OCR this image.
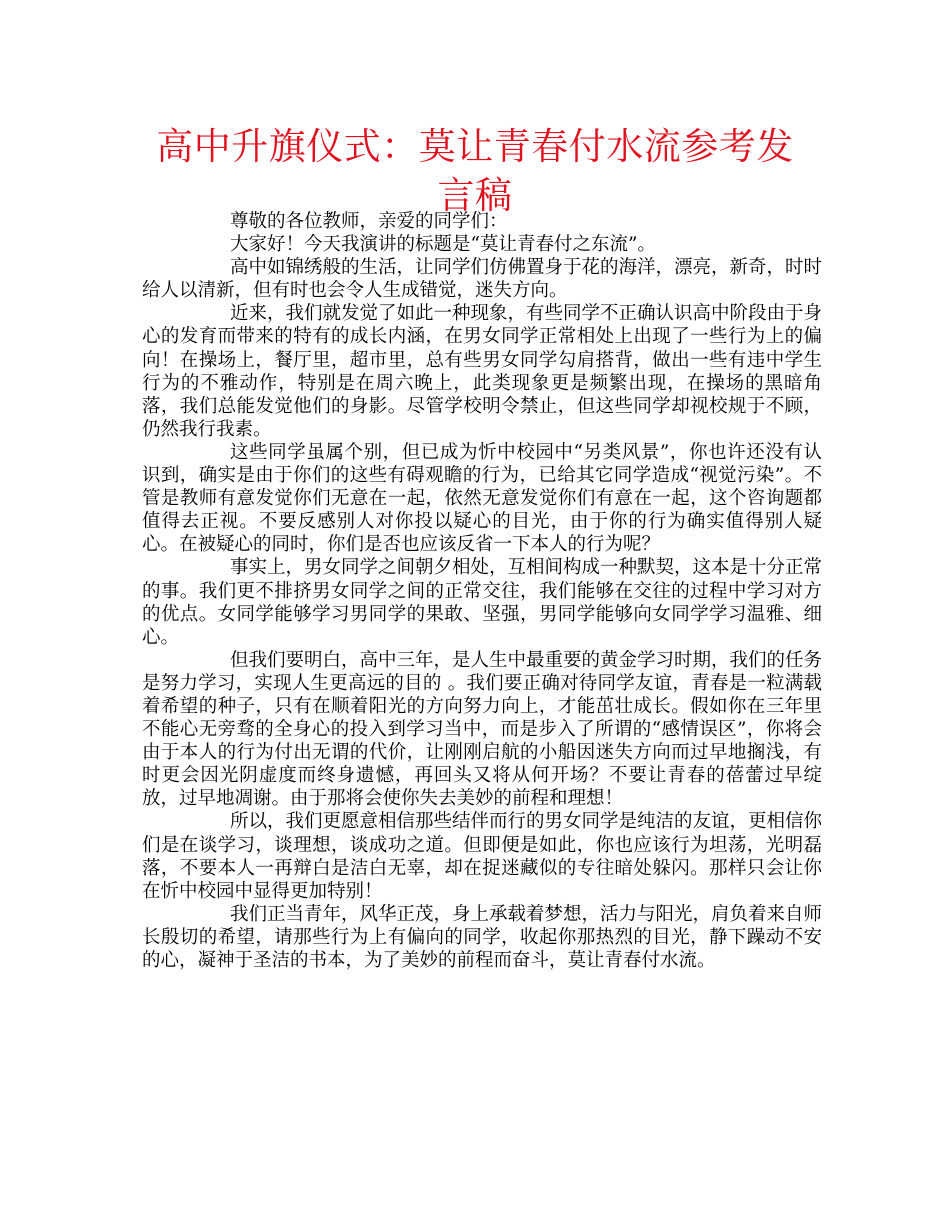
高中升旗仪式：莫让青春付水流参考发言稿

尊敬的各位教师，亲爱的同学们：

大家好！今天我演讲的标题是“莫让青春付之东流”。

高中如锦绣般的生活，让同学们仿佛置身于花的海洋，漂亮，新奇，时时给人以清新，但有时也会令人生成错觉，迷失方向。

近来，我们就发觉了如此一种现象，有些同学不正确认识高中阶段由于身心的发育而带来的特有的成长内涵，在男女同学正常相处上出现了一些行为上的偏向！在操场上，餐厅里，超市里，总有些男女同学勾肩搭背，做出一些有违中学生行为的不雅动作，特别是在周六晚上，此类现象更是频繁出现，在操场的黑暗角落，我们总能发觉他们的身影。尽管学校明令禁止，但这些同学却视校规于不顾，仍然我行我素。

这些同学虽属个别，但已成为忻中校园中“另类风景”，你也许还没有认识到，确实是由于你们的这些有碍观瞻的行为，已给其它同学造成“视觉污染”。不管是教师有意发觉你们无意在一起，依然无意发觉你们有意在一起，这个咨询题都值得去正视。不要反感别人对你投以疑心的目光，由于你的行为确实值得别人疑心。在被疑心的同时，你们是否也应该反省一下本人的行为呢？

事实上，男女同学之间朝夕相处，互相间构成一种默契，这本是十分正常的事。我们更不排挤男女同学之间的正常交往，我们能够在交往的过程中学习对方的优点。女同学能够学习男同学的果敢、坚强，男同学能够向女同学学习温雅、细心。

但我们要明白，高中三年，是人生中最重要的黄金学习时期，我们的任务是努力学习，实现人生更高远的目的 。我们要正确对待同学友谊，青春是一粒满载着希望的种子，只有在顺着阳光的方向努力向上，才能茁壮成长。假如你在三年里不能心无旁骛的全身心的投入到学习当中，而是步入了所谓的“感情误区”，你将会由于本人的行为付出无谓的代价，让刚刚启航的小船因迷失方向而过早地搁浅，有时更会因光阴虚度而终身遗憾，再回头又将从何开场？不要让青春的蓓蕾过早绽放，过早地凋谢。由于那将会使你失去美妙的前程和理想！

所以，我们更愿意相信那些结伴而行的男女同学是纯洁的友谊，更相信你们是在谈学习，谈理想，谈成功之道。但即便是如此，你也应该行为坦荡，光明磊落，不要本人一再辩白是洁白无辜，却在捉迷藏似的专往暗处躲闪。那样只会让你在忻中校园中显得更加特别！

我们正当青年，风华正茂，身上承载着梦想，活力与阳光，肩负着来自师长殷切的希望，请那些行为上有偏向的同学，收起你那热烈的目光，静下躁动不安的心，凝神于圣洁的书本，为了美妙的前程而奋斗，莫让青春付水流。
